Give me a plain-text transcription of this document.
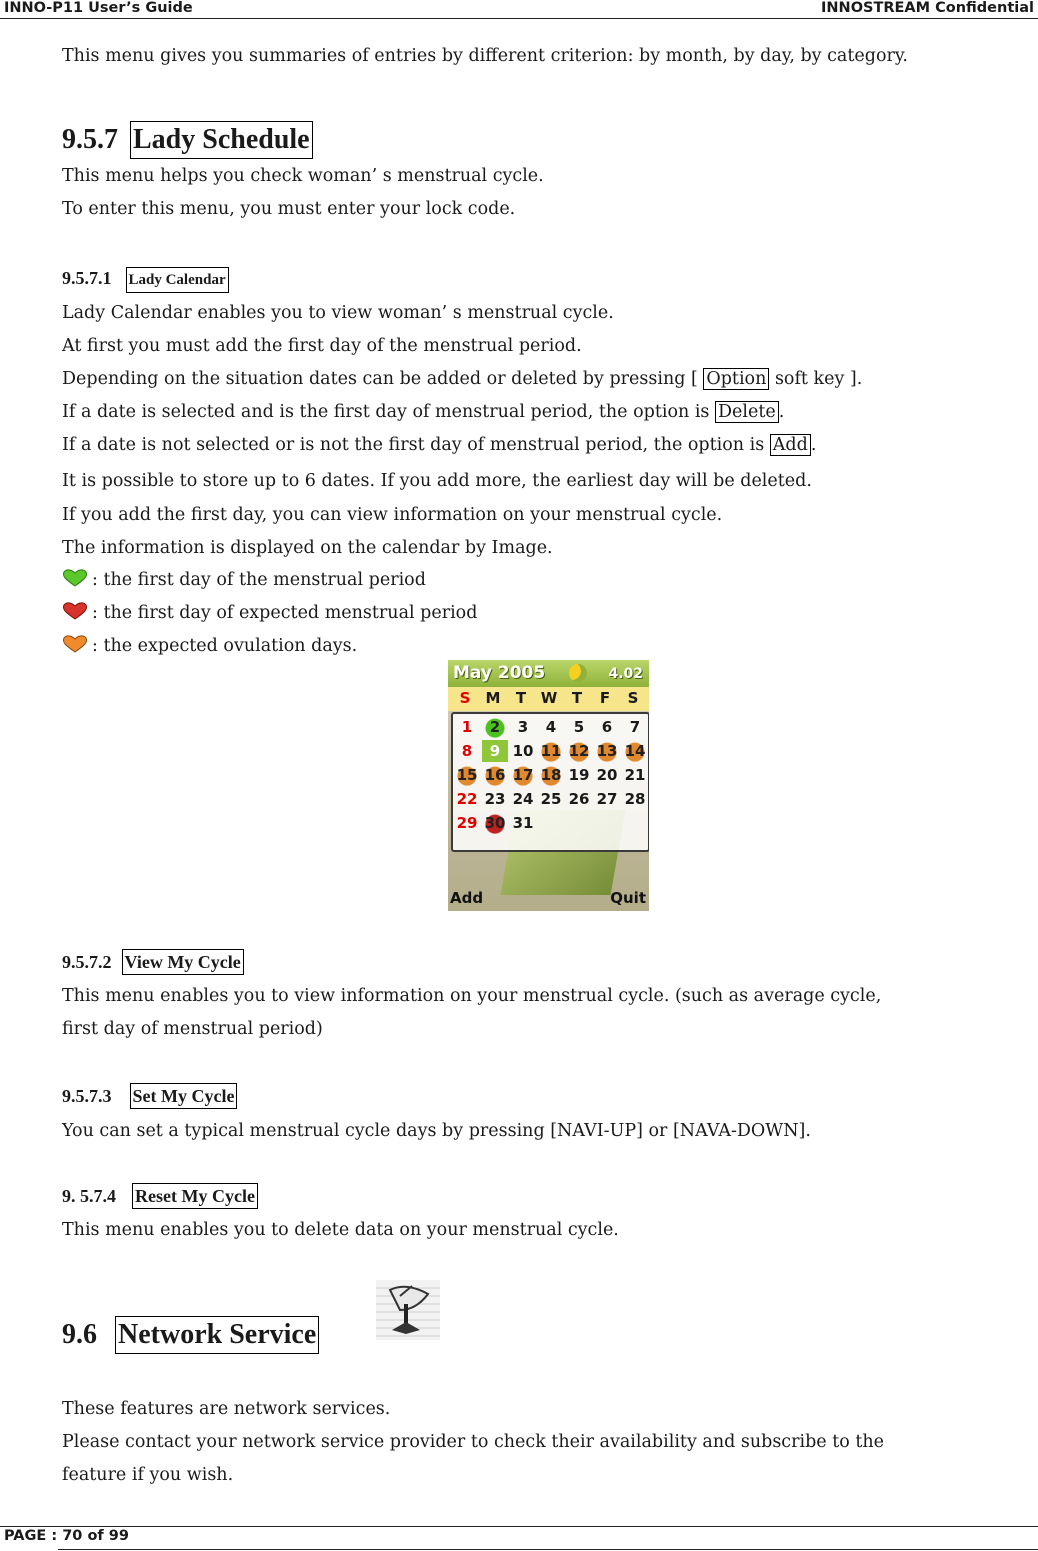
INNO-P11 User’s Guide	INNOSTREAM Confidential
This menu gives you summaries of entries by different criterion: by month, by day, by category.
9.5.7 Lady Schedule
This menu helps you check woman’ s menstrual cycle.
To enter this menu, you must enter your lock code.
9.5.7.1 Lady Calendar
Lady Calendar enables you to view woman’ s menstrual cycle.
At first you must add the first day of the menstrual period.
Depending on the situation dates can be added or deleted by pressing [ Option soft key ].
If a date is selected and is the first day of menstrual period, the option is Delete .
If a date is not selected or is not the first day of menstrual period, the option is Add .
It is possible to store up to 6 dates. If you add more, the earliest day will be deleted.
If you add the first day, you can view information on your menstrual cycle.
The information is displayed on the calendar by Image.
: the first day of the menstrual period
: the first day of expected menstrual period
: the expected ovulation days.
May 2005	4.02
S	M	T W T	F	S
1	2	3	4	5	6	7
8	9 10 11 12 13 14
15 16 17 18 19 20 21
22 23 24 25 26 27 28
29 30 31
Add	Quit
9.5.7.2 View My Cycle
This menu enables you to view information on your menstrual cycle. (such as average cycle,
first day of menstrual period)
9.5.7.3 Set My Cycle
You can set a typical menstrual cycle days by pressing [NAVI-UP] or [NAVA-DOWN].
9. 5.7.4 Reset My Cycle
This menu enables you to delete data on your menstrual cycle.
9.6 Network Service
These features are network services.
Please contact your network service provider to check their availability and subscribe to the
feature if you wish.
PAGE : 70 of 99
